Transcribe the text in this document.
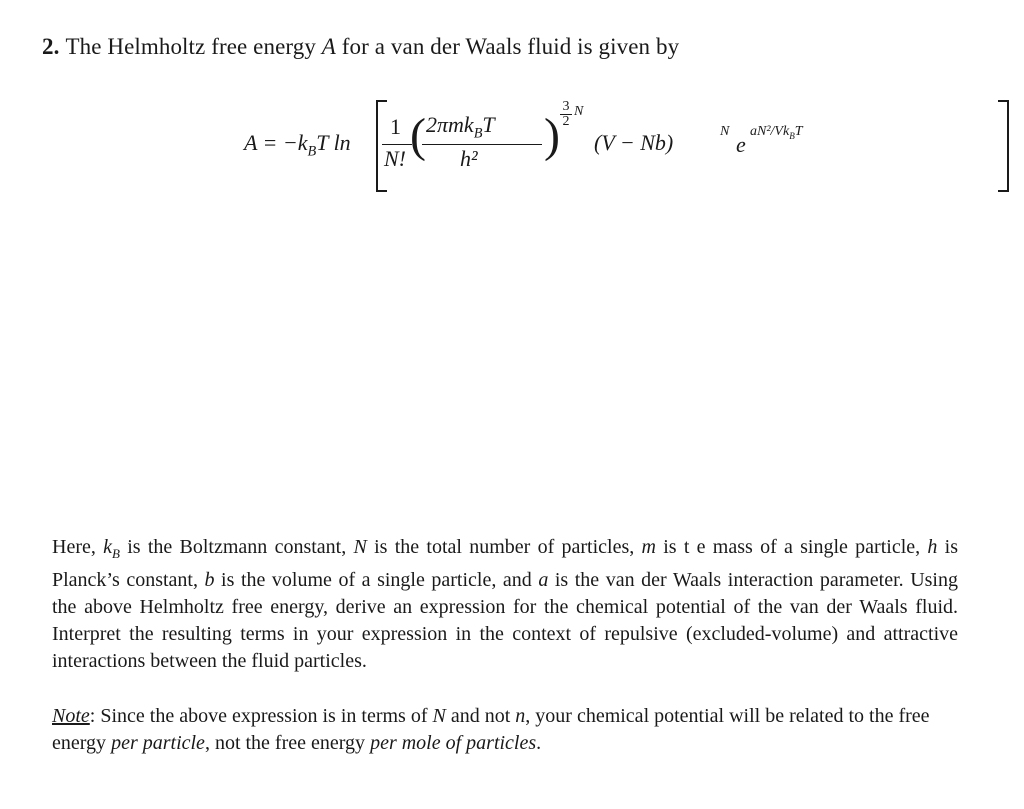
2. The Helmholtz free energy A for a van der Waals fluid is given by
$A = -k_BT$ ln
1
N! ( 2πmk$_B$T
h² )
3
2
N
(V − Nb)	N
e
aN²/$Vk_BT$
Here, $k_B$ is the Boltzmann constant, N is the total number of particles, m is t e mass of a single particle, h is Planck’s constant, b is the volume of a single particle, and a is the van der Waals interaction parameter. Using the above Helmholtz free energy, derive an expression for the chemical potential of the van der Waals fluid. Interpret the resulting terms in your expression in the context of repulsive (excluded-volume) and attractive interactions between the fluid particles.
Note: Since the above expression is in terms of N and not n, your chemical potential will be related to the free energy per particle, not the free energy per mole of particles.
